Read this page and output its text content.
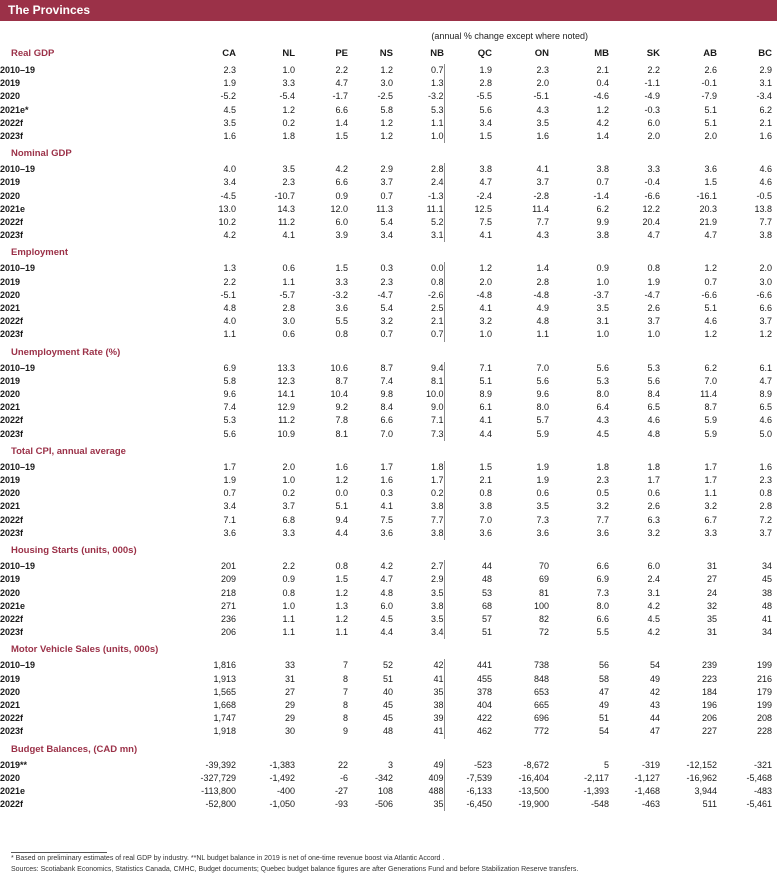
The Provinces
(annual % change except where noted)
Real GDP	CA	NL	PE	NS	NB	QC	ON	MB	SK	AB	BC	
2010–19	2.3	1.0	2.2	1.2	0.7	1.9	2.3	2.1	2.2	2.6	2.9	
2019	1.9	3.3	4.7	3.0	1.3	2.8	2.0	0.4	-1.1	-0.1	3.1	
2020	-5.2	-5.4	-1.7	-2.5	-3.2	-5.5	-5.1	-4.6	-4.9	-7.9	-3.4	
2021e*	4.5	1.2	6.6	5.8	5.3	5.6	4.3	1.2	-0.3	5.1	6.2	
2022f	3.5	0.2	1.4	1.2	1.1	3.4	3.5	4.2	6.0	5.1	2.1	
2023f	1.6	1.8	1.5	1.2	1.0	1.5	1.6	1.4	2.0	2.0	1.6	

Nominal GDP												
2010–19	4.0	3.5	4.2	2.9	2.8	3.8	4.1	3.8	3.3	3.6	4.6	
2019	3.4	2.3	6.6	3.7	2.4	4.7	3.7	0.7	-0.4	1.5	4.6	
2020	-4.5	-10.7	0.9	0.7	-1.3	-2.4	-2.8	-1.4	-6.6	-16.1	-0.5	
2021e	13.0	14.3	12.0	11.3	11.1	12.5	11.4	6.2	12.2	20.3	13.8	
2022f	10.2	11.2	6.0	5.4	5.2	7.5	7.7	9.9	20.4	21.9	7.7	
2023f	4.2	4.1	3.9	3.4	3.1	4.1	4.3	3.8	4.7	4.7	3.8	

Employment												
2010–19	1.3	0.6	1.5	0.3	0.0	1.2	1.4	0.9	0.8	1.2	2.0	
2019	2.2	1.1	3.3	2.3	0.8	2.0	2.8	1.0	1.9	0.7	3.0	
2020	-5.1	-5.7	-3.2	-4.7	-2.6	-4.8	-4.8	-3.7	-4.7	-6.6	-6.6	
2021	4.8	2.8	3.6	5.4	2.5	4.1	4.9	3.5	2.6	5.1	6.6	
2022f	4.0	3.0	5.5	3.2	2.1	3.2	4.8	3.1	3.7	4.6	3.7	
2023f	1.1	0.6	0.8	0.7	0.7	1.0	1.1	1.0	1.0	1.2	1.2	

Unemployment Rate (%)												
2010–19	6.9	13.3	10.6	8.7	9.4	7.1	7.0	5.6	5.3	6.2	6.1	
2019	5.8	12.3	8.7	7.4	8.1	5.1	5.6	5.3	5.6	7.0	4.7	
2020	9.6	14.1	10.4	9.8	10.0	8.9	9.6	8.0	8.4	11.4	8.9	
2021	7.4	12.9	9.2	8.4	9.0	6.1	8.0	6.4	6.5	8.7	6.5	
2022f	5.3	11.2	7.8	6.6	7.1	4.1	5.7	4.3	4.6	5.9	4.6	
2023f	5.6	10.9	8.1	7.0	7.3	4.4	5.9	4.5	4.8	5.9	5.0	

Total CPI, annual average												
2010–19	1.7	2.0	1.6	1.7	1.8	1.5	1.9	1.8	1.8	1.7	1.6	
2019	1.9	1.0	1.2	1.6	1.7	2.1	1.9	2.3	1.7	1.7	2.3	
2020	0.7	0.2	0.0	0.3	0.2	0.8	0.6	0.5	0.6	1.1	0.8	
2021	3.4	3.7	5.1	4.1	3.8	3.8	3.5	3.2	2.6	3.2	2.8	
2022f	7.1	6.8	9.4	7.5	7.7	7.0	7.3	7.7	6.3	6.7	7.2	
2023f	3.6	3.3	4.4	3.6	3.8	3.6	3.6	3.6	3.2	3.3	3.7	

Housing Starts (units, 000s)												
2010–19	201	2.2	0.8	4.2	2.7	44	70	6.6	6.0	31	34	
2019	209	0.9	1.5	4.7	2.9	48	69	6.9	2.4	27	45	
2020	218	0.8	1.2	4.8	3.5	53	81	7.3	3.1	24	38	
2021e	271	1.0	1.3	6.0	3.8	68	100	8.0	4.2	32	48	
2022f	236	1.1	1.2	4.5	3.5	57	82	6.6	4.5	35	41	
2023f	206	1.1	1.1	4.4	3.4	51	72	5.5	4.2	31	34	

Motor Vehicle Sales (units, 000s)												
2010–19	1,816	33	7	52	42	441	738	56	54	239	199	
2019	1,913	31	8	51	41	455	848	58	49	223	216	
2020	1,565	27	7	40	35	378	653	47	42	184	179	
2021	1,668	29	8	45	38	404	665	49	43	196	199	
2022f	1,747	29	8	45	39	422	696	51	44	206	208	
2023f	1,918	30	9	48	41	462	772	54	47	227	228	

Budget Balances, (CAD mn)												
2019**	-39,392	-1,383	22	3	49	-523	-8,672	5	-319	-12,152	-321	
2020	-327,729	-1,492	-6	-342	409	-7,539	-16,404	-2,117	-1,127	-16,962	-5,468	
2021e	-113,800	-400	-27	108	488	-6,133	-13,500	-1,393	-1,468	3,944	-483	
2022f	-52,800	-1,050	-93	-506	35	-6,450	-19,900	-548	-463	511	-5,461	
* Based on preliminary estimates of real GDP by industry. **NL budget balance in 2019 is net of one-time revenue boost via Atlantic Accord .
Sources: Scotiabank Economics, Statistics Canada, CMHC, Budget documents; Quebec budget balance figures are after Generations Fund and before Stabilization Reserve transfers.
